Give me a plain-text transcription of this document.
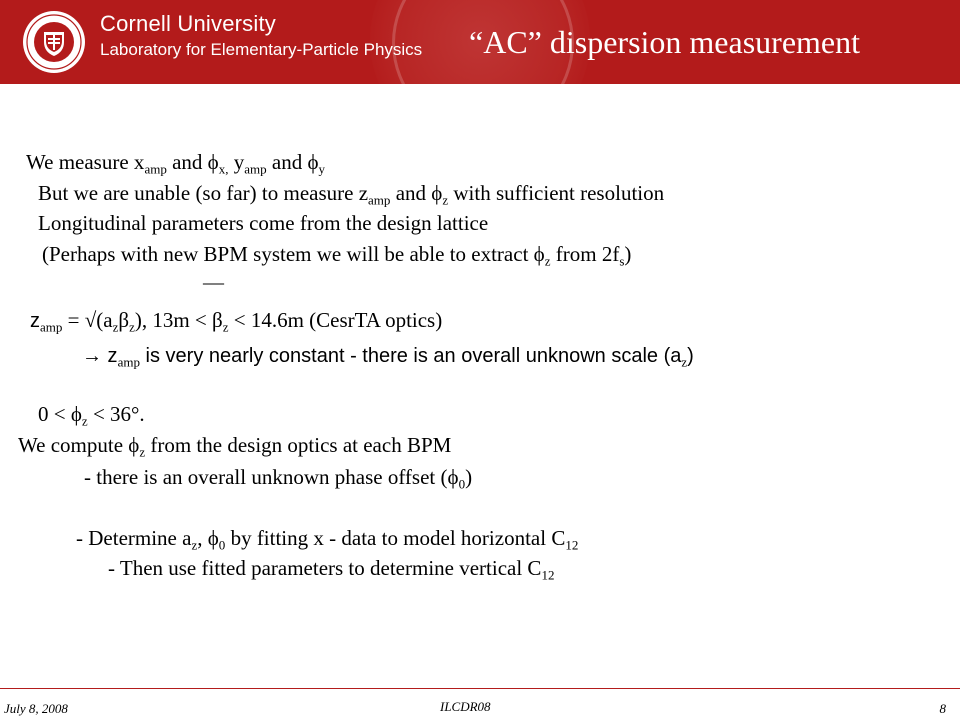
Cornell University
Laboratory for Elementary-Particle Physics “AC” dispersion measurement
We measure $x_{amp}$ and $\phi_{x,}$ $y_{amp}$ and $\phi_y$
But we are unable (so far) to measure $z_{amp}$ and $\phi_z$ with sufficient resolution
Longitudinal parameters come from the design lattice
(Perhaps with new BPM system we will be able to extract $\phi_z$ from $2f_s$)
—
$z_{amp} = √(a_z\beta_z)$, $13m < \beta_z < 14.6m$ (CesrTA optics)
→ $z_{amp}$ is very nearly constant - there is an overall unknown scale $(a_z)$
$0 < \phi_z < 36^\circ$.
We compute $\phi_z$ from the design optics at each BPM
- there is an overall unknown phase offset $(\phi_0)$
- Determine $a_z$, $\phi_0$ by fitting x - data to model horizontal $C_{12}$
- Then use fitted parameters to determine vertical $C_{12}$
July 8, 2008	ILCDR08	8
